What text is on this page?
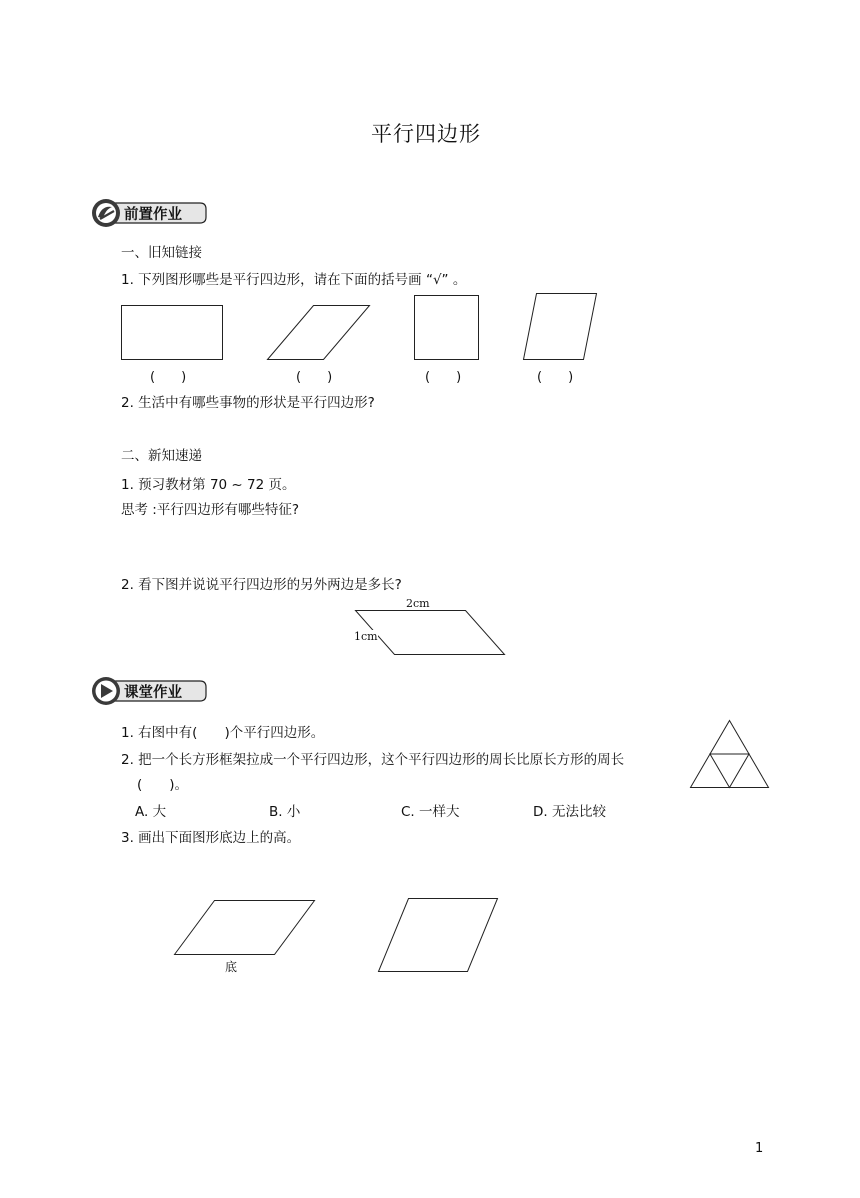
平行四边形
前置作业
一、旧知链接
1. 下列图形哪些是平行四边形，请在下面的括号画 “√” 。
(　　)	(　　)	(　　)	(　　)
2. 生活中有哪些事物的形状是平行四边形?
二、新知速递
1. 预习教材第 70 ~ 72 页。
思考 :平行四边形有哪些特征?
2. 看下图并说说平行四边形的另外两边是多长?
2cm
1cm
课堂作业
1. 右图中有(　　)个平行四边形。
2. 把一个长方形框架拉成一个平行四边形，这个平行四边形的周长比原长方形的周长
(　　)。
A. 大	B. 小	C. 一样大	D. 无法比较
3. 画出下面图形底边上的高。
底
1
